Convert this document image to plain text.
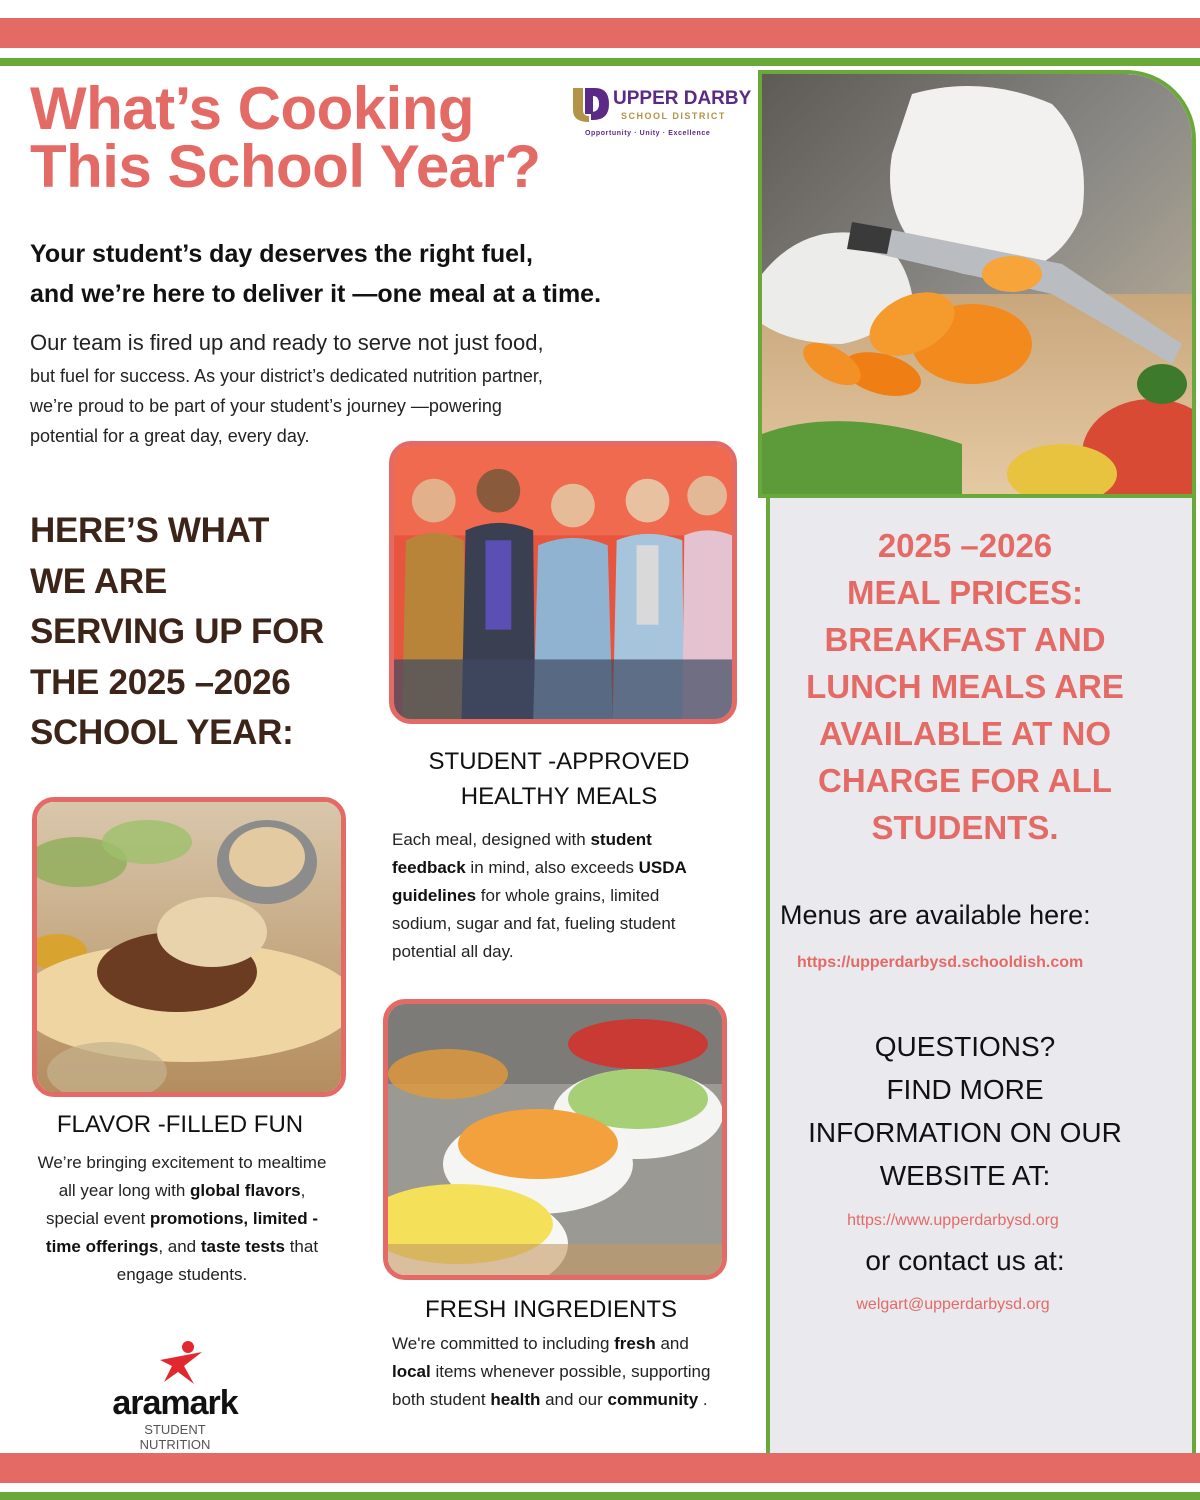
What’s Cooking
This School Year?
UPPER DARBY
SCHOOL DISTRICT
Opportunity · Unity · Excellence
Your student’s day deserves the right fuel,
and we’re here to deliver it —one meal at a time.
Our team is fired up and ready to serve not just food,
but fuel for success. As your district’s dedicated nutrition partner,
we’re proud to be part of your student’s journey —powering
potential for a great day, every day.
2025 –2026
MEAL PRICES:
BREAKFAST AND
LUNCH MEALS ARE
AVAILABLE AT NO
CHARGE FOR ALL
STUDENTS.
Menus are available here:
https://upperdarbysd.schooldish.com
QUESTIONS?
FIND MORE
INFORMATION ON OUR
WEBSITE AT:
https://www.upperdarbysd.org
or contact us at:
welgart@upperdarbysd.org
HERE’S WHAT
WE ARE
SERVING UP FOR
THE 2025 –2026
SCHOOL YEAR:
STUDENT -APPROVED
HEALTHY MEALS
Each meal, designed with student feedback in mind, also exceeds USDA guidelines for whole grains, limited sodium, sugar and fat, fueling student potential all day.
FLAVOR -FILLED FUN
We’re bringing excitement to mealtime all year long with global flavors, special event promotions, limited -time offerings, and taste tests that engage students.
FRESH INGREDIENTS
We're committed to including fresh and local items whenever possible, supporting both student health and our community .
aramark
STUDENT
NUTRITION
